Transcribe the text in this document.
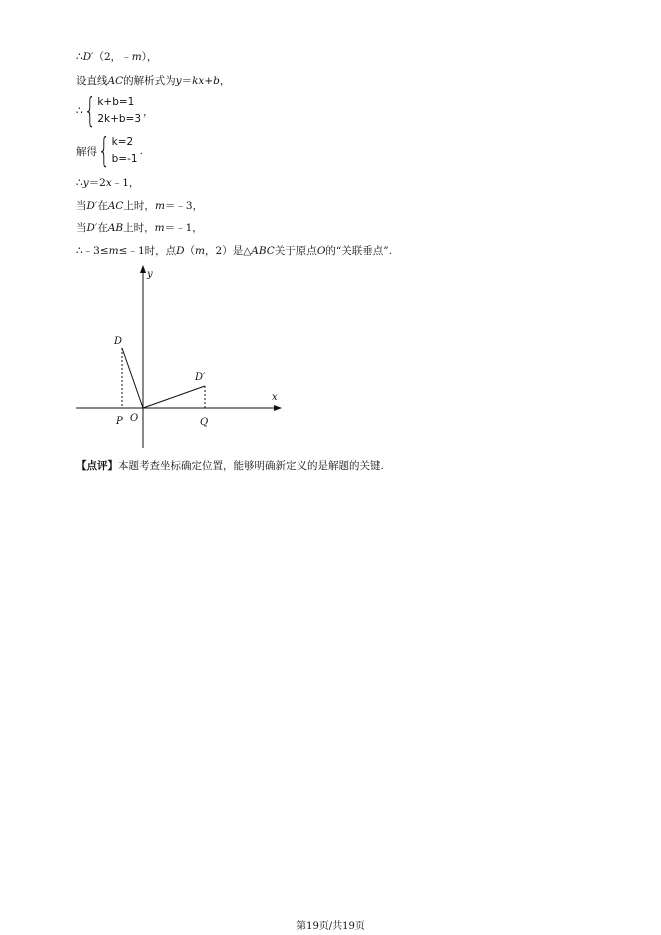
∴D′（2，﹣m），
设直线AC的解析式为y＝kx+b，
∴ { k+b=1
2k+b=3
，
解得 { k=2
b=-1
.
∴y＝2x﹣1，
当D′在AC上时，m＝﹣3，
当D′在AB上时，m＝﹣1，
∴﹣3≤m≤﹣1时，点D（m，2）是△ABC关于原点O的“关联垂点”.
y
x
D
D′
P O	Q
【点评】本题考查坐标确定位置，能够明确新定义的是解题的关键.
第19页/共19页
